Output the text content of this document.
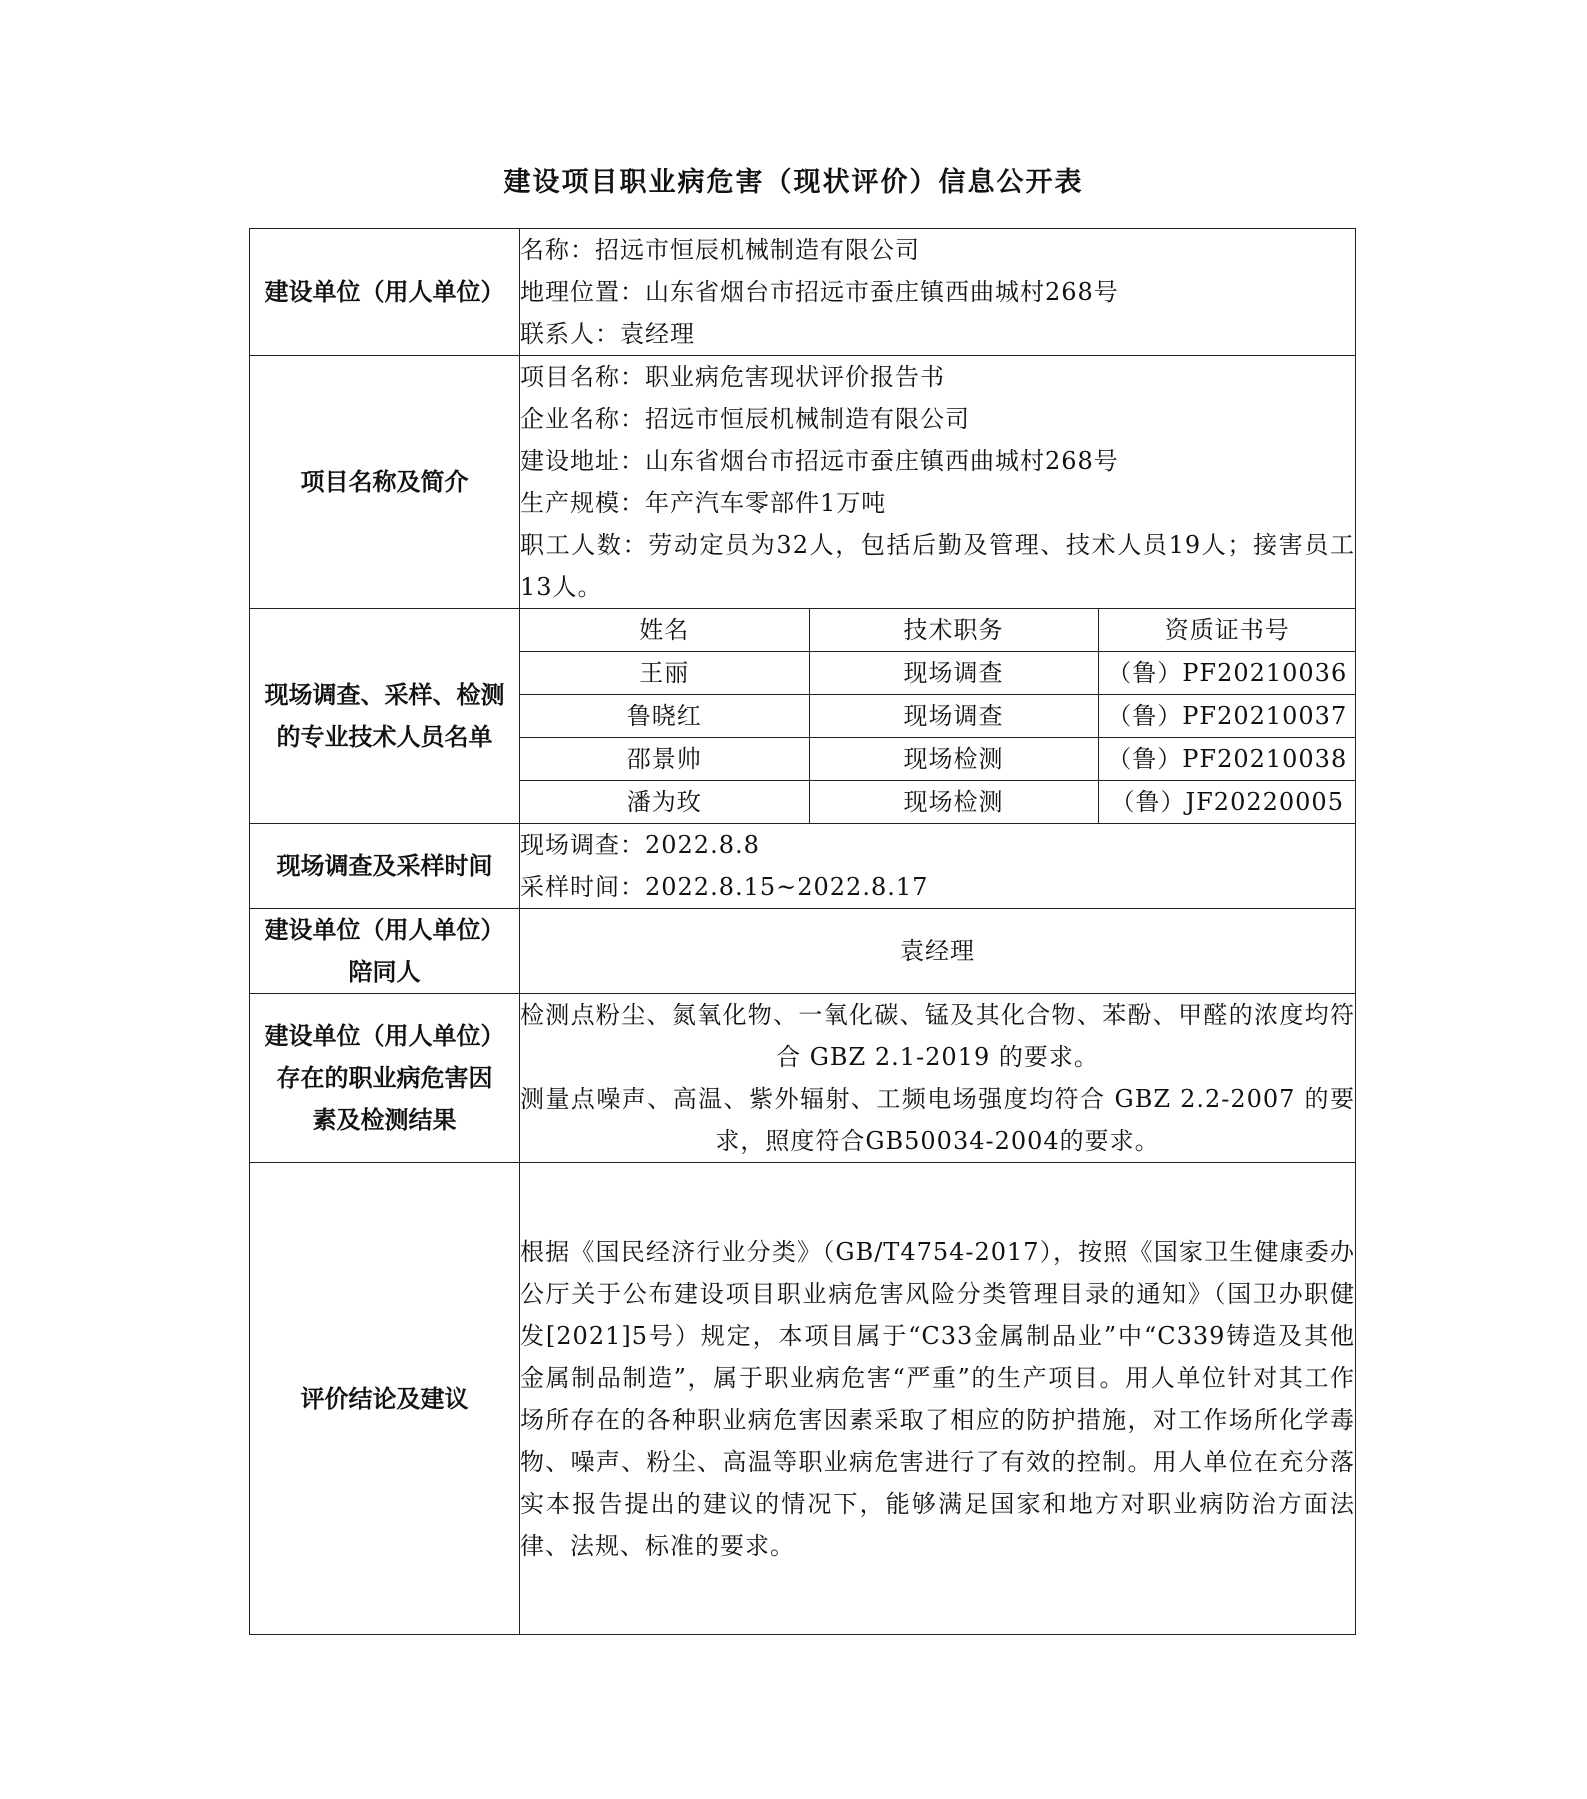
建设项目职业病危害（现状评价）信息公开表
建设单位（用人单位）	
名称：招远市恒辰机械制造有限公司
地理位置：山东省烟台市招远市蚕庄镇西曲城村268号
联系人：袁经理

项目名称及简介	
项目名称：职业病危害现状评价报告书
企业名称：招远市恒辰机械制造有限公司
建设地址：山东省烟台市招远市蚕庄镇西曲城村268号
生产规模：年产汽车零部件1万吨
职工人数：劳动定员为32人，包括后勤及管理、技术人员19人；接害员工13人。

现场调查、采样、检测
的专业技术人员名单

姓名	技术职务	资质证书号
王丽	现场调查	（鲁）PF20210036
鲁晓红	现场调查	（鲁）PF20210037
邵景帅	现场检测	（鲁）PF20210038
潘为玫	现场检测	（鲁）JF20220005

现场调查及采样时间	
现场调查：2022.8.8
采样时间：2022.8.15~2022.8.17

建设单位（用人单位）
陪同人
	袁经理

建设单位（用人单位）
存在的职业病危害因
素及检测结果

检测点粉尘、氮氧化物、一氧化碳、锰及其化合物、苯酚、甲醛的浓度均符合 GBZ 2.1-2019 的要求。
测量点噪声、高温、紫外辐射、工频电场强度均符合 GBZ 2.2-2007 的要求，照度符合GB50034-2004的要求。

评价结论及建议	
根据《国民经济行业分类》（GB/T4754-2017），按照《国家卫生健康委办公厅关于公布建设项目职业病危害风险分类管理目录的通知》（国卫办职健发[2021]5号）规定，本项目属于“C33金属制品业”中“C339铸造及其他金属制品制造”，属于职业病危害“严重”的生产项目。用人单位针对其工作场所存在的各种职业病危害因素采取了相应的防护措施，对工作场所化学毒物、噪声、粉尘、高温等职业病危害进行了有效的控制。用人单位在充分落实本报告提出的建议的情况下，能够满足国家和地方对职业病防治方面法律、法规、标准的要求。
